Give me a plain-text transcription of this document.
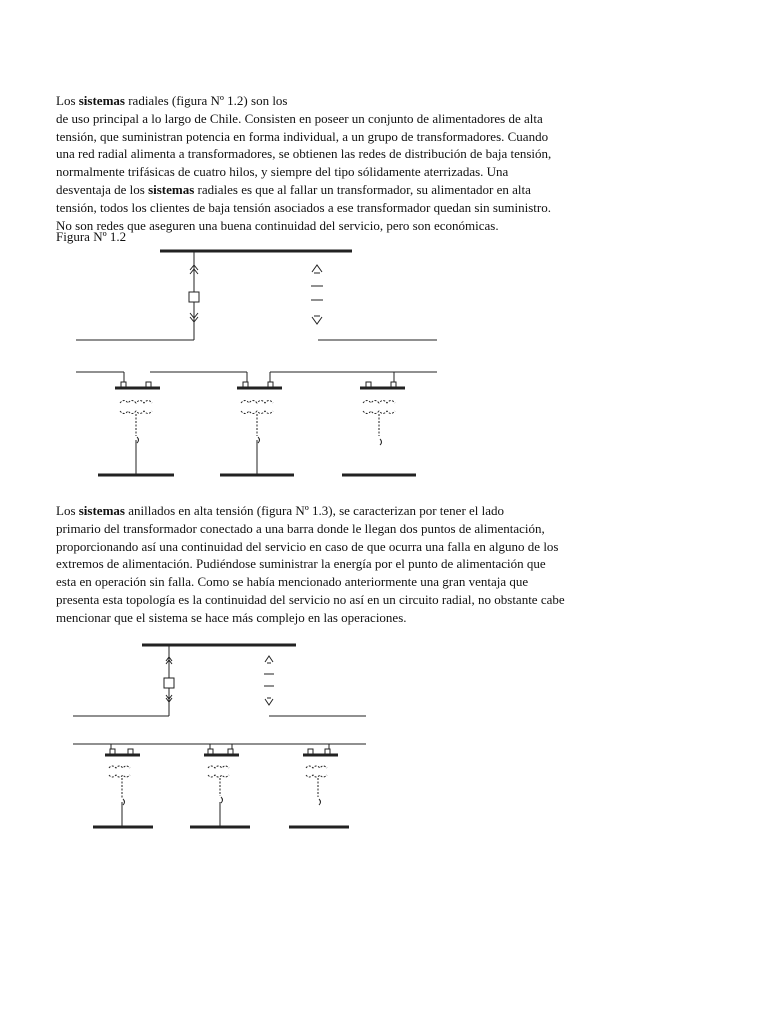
Los sistemas radiales (figura Nº 1.2) son los
de uso principal a lo largo de Chile. Consisten en poseer un conjunto de alimentadores de alta
tensión, que suministran potencia en forma individual, a un grupo de transformadores. Cuando
una red radial alimenta a transformadores, se obtienen las redes de distribución de baja tensión,
normalmente trifásicas de cuatro hilos, y siempre del tipo sólidamente aterrizadas. Una
desventaja de los sistemas radiales es que al fallar un transformador, su alimentador en alta
tensión, todos los clientes de baja tensión asociados a ese transformador quedan sin suministro.
No son redes que aseguren una buena continuidad del servicio, pero son económicas.
Figura Nº 1.2
Los sistemas anillados en alta tensión (figura Nº 1.3), se caracterizan por tener el lado
primario del transformador conectado a una barra donde le llegan dos puntos de alimentación,
proporcionando así una continuidad del servicio en caso de que ocurra una falla en alguno de los
extremos de alimentación. Pudiéndose suministrar la energía por el punto de alimentación que
esta en operación sin falla. Como se había mencionado anteriormente una gran ventaja que
presenta esta topología es la continuidad del servicio no así en un circuito radial, no obstante cabe
mencionar que el sistema se hace más complejo en las operaciones.
